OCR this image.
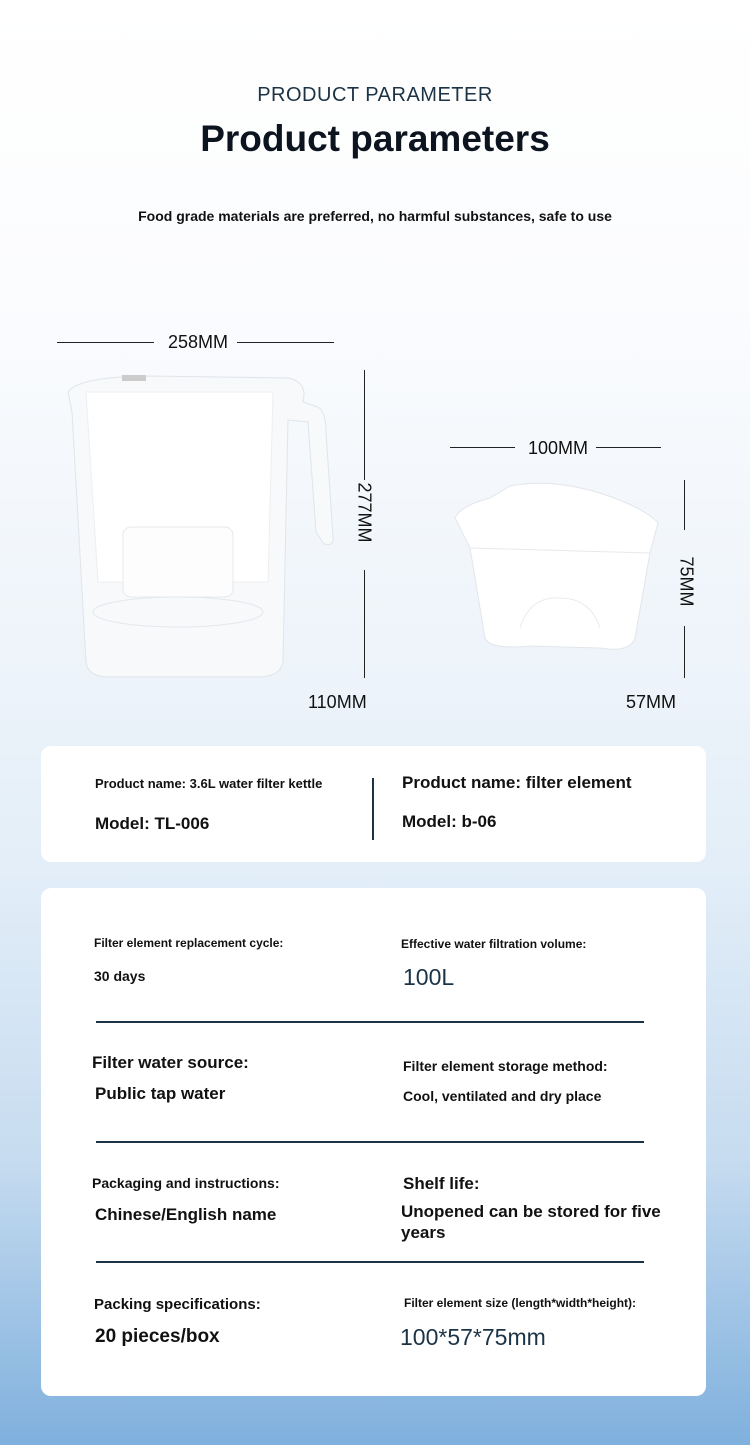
PRODUCT PARAMETER
Product parameters
Food grade materials are preferred, no harmful substances, safe to use
258MM
277MM
110MM
100MM
75MM
57MM
Product name: 3.6L water filter kettle
Model: TL-006
Product name: filter element
Model: b-06
Filter element replacement cycle:
30 days
Effective water filtration volume:
100L
Filter water source:
Public tap water
Filter element storage method:
Cool, ventilated and dry place
Packaging and instructions:
Chinese/English name
Shelf life:
Unopened can be stored for five years
Packing specifications:
20 pieces/box
Filter element size (length*width*height):
100*57*75mm
